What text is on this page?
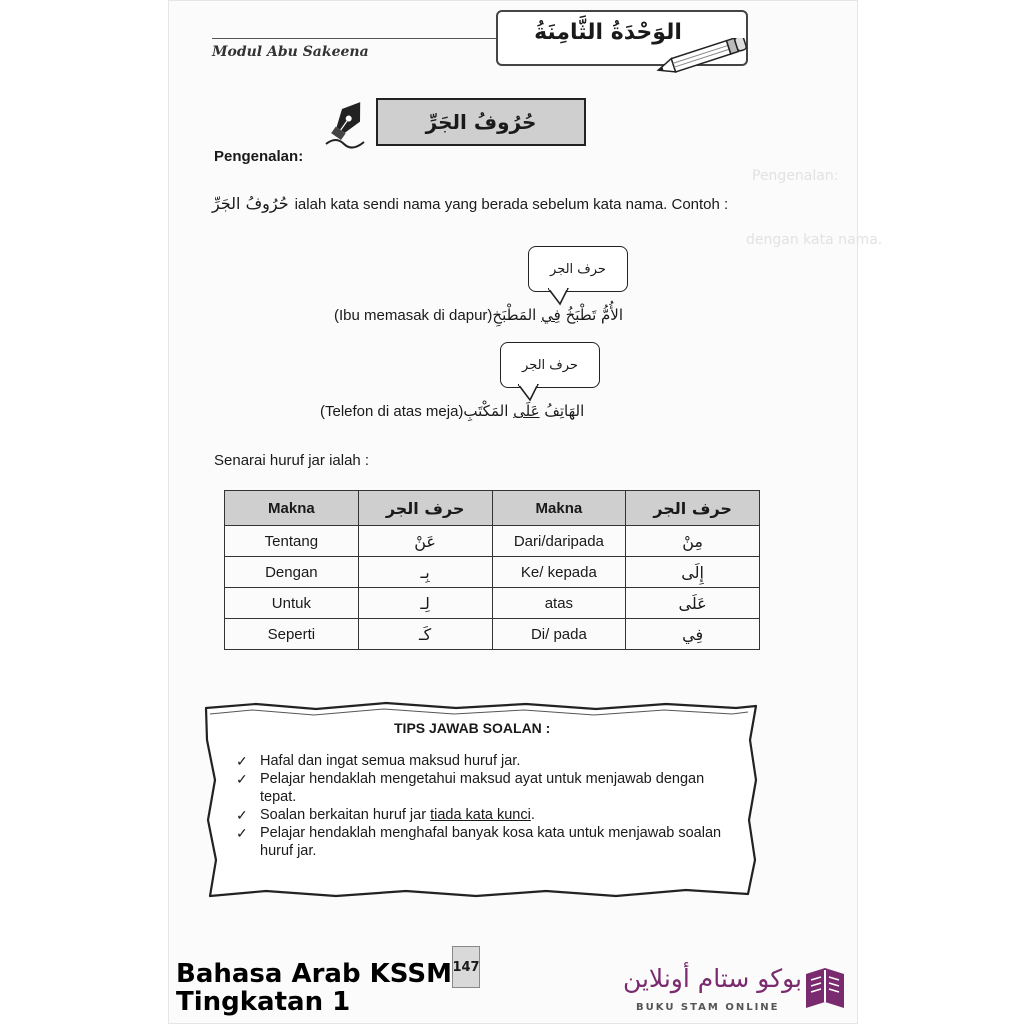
Pengenalan:
dengan kata nama.
Modul Abu Sakeena
الوَحْدَةُ الثَّامِنَةُ
حُرُوفُ الجَرِّ
Pengenalan:
حُرُوفُ الجَرِّ ialah kata sendi nama yang berada sebelum kata nama. Contoh :
حرف الجر
(Ibu memasak di dapur)	الأُمُّ تَطْبَخُ فِي المَطْبَخِ
حرف الجر
(Telefon di atas meja)	الهَاتِفُ عَلَى المَكْتَبِ
Senarai huruf jar ialah :
Makna	حرف الجر	Makna	حرف الجر
Tentang	عَنْ	Dari/daripada	مِنْ
Dengan	بِـ	Ke/ kepada	إِلَى
Untuk	لِـ	atas	عَلَى
Seperti	كَـ	Di/ pada	فِي
TIPS JAWAB SOALAN :
✓ Hafal dan ingat semua maksud huruf jar.
✓ Pelajar hendaklah mengetahui maksud ayat untuk menjawab dengan tepat.
✓ Soalan berkaitan huruf jar tiada kata kunci.
✓ Pelajar hendaklah menghafal banyak kosa kata untuk menjawab soalan huruf jar.
147
Bahasa Arab KSSM
Tingkatan 1
بوكو ستام أونلاين
BUKU STAM ONLINE
